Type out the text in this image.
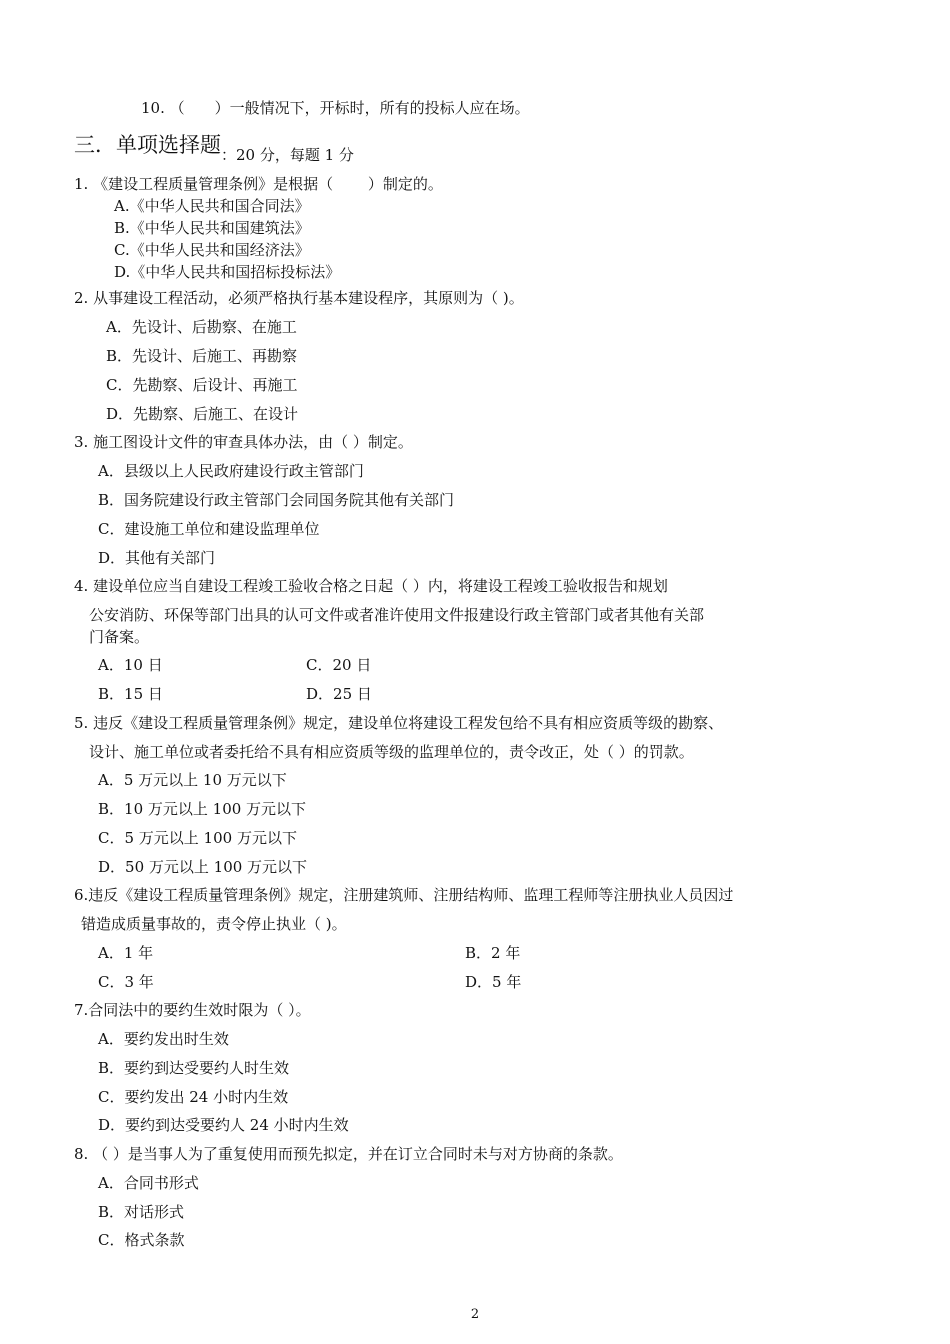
10. （　　）一般情况下，开标时，所有的投标人应在场。
三．单项选择题：20 分，每题 1 分
1. 《建设工程质量管理条例》是根据（　　 ）制定的。
A.《中华人民共和国合同法》
B.《中华人民共和国建筑法》
C.《中华人民共和国经济法》
D.《中华人民共和国招标投标法》
2. 从事建设工程活动，必须严格执行基本建设程序，其原则为（ )。
A．先设计、后勘察、在施工
B．先设计、后施工、再勘察
C．先勘察、后设计、再施工
D．先勘察、后施工、在设计
3. 施工图设计文件的审查具体办法，由（ ）制定。
A．县级以上人民政府建设行政主管部门
B．国务院建设行政主管部门会同国务院其他有关部门
C．建设施工单位和建设监理单位
D．其他有关部门
4. 建设单位应当自建设工程竣工验收合格之日起（ ）内，将建设工程竣工验收报告和规划
公安消防、环保等部门出具的认可文件或者准许使用文件报建设行政主管部门或者其他有关部
门备案。
A．10 日	C．20 日
B．15 日	D．25 日
5. 违反《建设工程质量管理条例》规定，建设单位将建设工程发包给不具有相应资质等级的勘察、
设计、施工单位或者委托给不具有相应资质等级的监理单位的，责令改正，处（ ）的罚款。
A．5 万元以上 10 万元以下
B．10 万元以上 100 万元以下
C．5 万元以上 100 万元以下
D．50 万元以上 100 万元以下
6.违反《建设工程质量管理条例》规定，注册建筑师、注册结构师、监理工程师等注册执业人员因过
错造成质量事故的，责令停止执业（ )。
A．1 年	B．2 年
C．3 年	D．5 年
7.合同法中的要约生效时限为（ ）。
A．要约发出时生效
B．要约到达受要约人时生效
C．要约发出 24 小时内生效
D．要约到达受要约人 24 小时内生效
8. （ ）是当事人为了重复使用而预先拟定，并在订立合同时未与对方协商的条款。
A．合同书形式
B．对话形式
C．格式条款
2
